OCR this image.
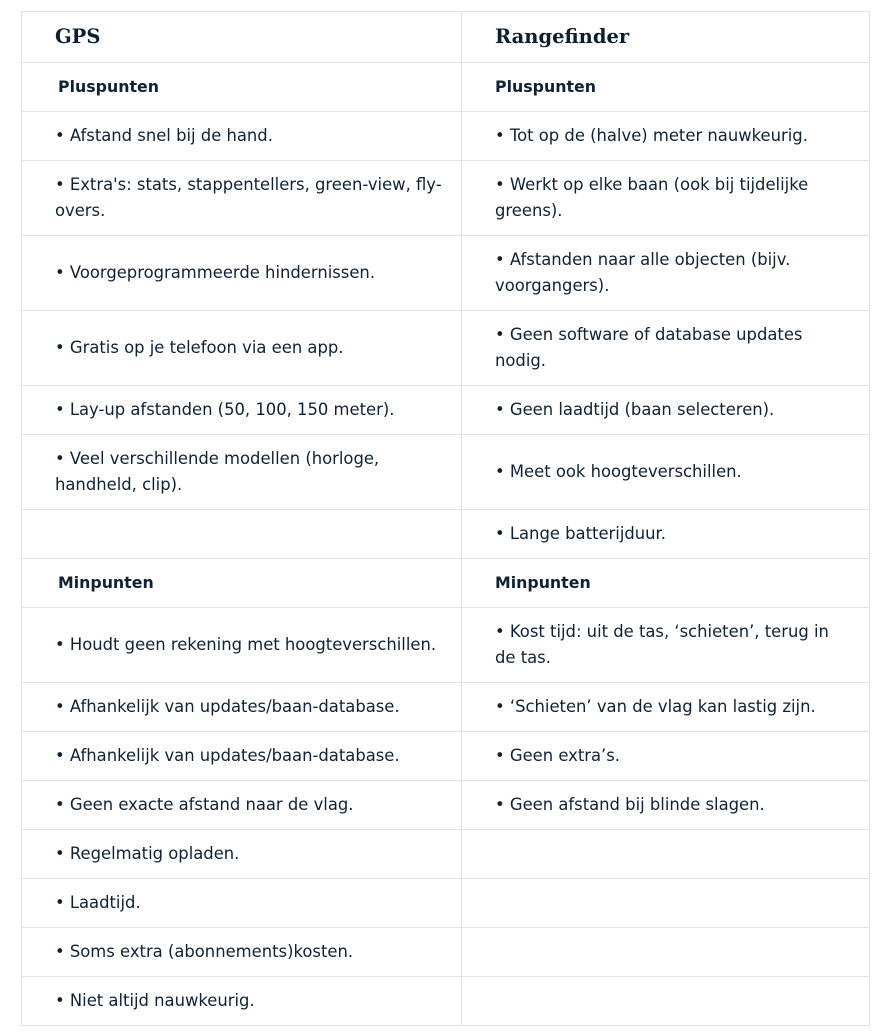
GPS	Rangefinder
Pluspunten	Pluspunten

• Afstand snel bij de hand.	• Tot op de (halve) meter nauwkeurig.

• Extra's: stats, stappentellers, green-view, fly-overs.	• Werkt op elke baan (ook bij tijdelijke greens).

• Voorgeprogrammeerde hindernissen.	• Afstanden naar alle objecten (bijv. voorgangers).

• Gratis op je telefoon via een app.	• Geen software of database updates nodig.

• Lay-up afstanden (50, 100, 150 meter).	• Geen laadtijd (baan selecteren).

• Veel verschillende modellen (horloge, handheld, clip).	• Meet ook hoogteverschillen.

	• Lange batterijduur.

Minpunten	Minpunten

• Houdt geen rekening met hoogteverschillen.	• Kost tijd: uit de tas, ‘schieten’, terug in de tas.

• Afhankelijk van updates/baan-database.	• ‘Schieten’ van de vlag kan lastig zijn.

• Afhankelijk van updates/baan-database.	• Geen extra’s.

• Geen exacte afstand naar de vlag.	• Geen afstand bij blinde slagen.

• Regelmatig opladen.	

• Laadtijd.	

• Soms extra (abonnements)kosten.	

• Niet altijd nauwkeurig.	
